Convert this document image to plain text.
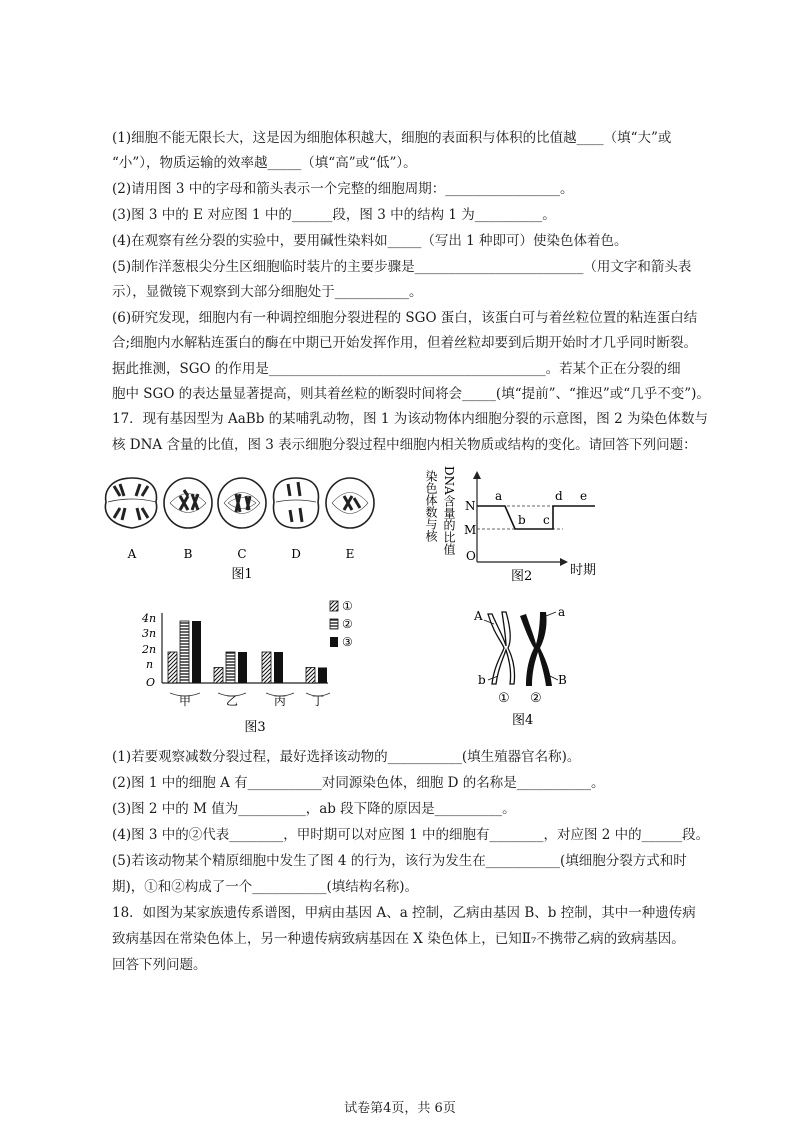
(1)细胞不能无限长大，这是因为细胞体积越大，细胞的表面积与体积的比值越____（填“大”或
“小”），物质运输的效率越_____（填“高”或“低”）。
(2)请用图 3 中的字母和箭头表示一个完整的细胞周期：_________________。
(3)图 3 中的 E 对应图 1 中的______段，图 3 中的结构 1 为__________。
(4)在观察有丝分裂的实验中，要用碱性染料如_____（写出 1 种即可）使染色体着色。
(5)制作洋葱根尖分生区细胞临时装片的主要步骤是_________________________（用文字和箭头表
示），显微镜下观察到大部分细胞处于___________。
(6)研究发现，细胞内有一种调控细胞分裂进程的 SGO 蛋白，该蛋白可与着丝粒位置的粘连蛋白结
合;细胞内水解粘连蛋白的酶在中期已开始发挥作用，但着丝粒却要到后期开始时才几乎同时断裂。
据此推测，SGO 的作用是_________________________________________。若某个正在分裂的细
胞中 SGO 的表达量显著提高，则其着丝粒的断裂时间将会_____(填“提前”、“推迟”或“几乎不变”)。
17．现有基因型为 AaBb 的某哺乳动物，图 1 为该动物体内细胞分裂的示意图，图 2 为染色体数与
核 DNA 含量的比值，图 3 表示细胞分裂过程中细胞内相关物质或结构的变化。请回答下列问题：
A	B	C	D	E
图1
染色体数与核 DNA含量的比值 N
M
O
a
b c
d e
时期
图2
4n
3n
2n
n
O
甲	乙	丙 丁
①
②
③
图3
A	a
b	B
① ②
图4
(1)若要观察减数分裂过程，最好选择该动物的___________(填生殖器官名称)。
(2)图 1 中的细胞 A 有___________对同源染色体，细胞 D 的名称是___________。
(3)图 2 中的 M 值为__________，ab 段下降的原因是__________。
(4)图 3 中的②代表________，甲时期可以对应图 1 中的细胞有________，对应图 2 中的______段。
(5)若该动物某个精原细胞中发生了图 4 的行为，该行为发生在___________(填细胞分裂方式和时
期)，①和②构成了一个___________(填结构名称)。
18．如图为某家族遗传系谱图，甲病由基因 A、a 控制，乙病由基因 B、b 控制，其中一种遗传病
致病基因在常染色体上，另一种遗传病致病基因在 X 染色体上，已知Ⅱ₇不携带乙病的致病基因。
回答下列问题。
试卷第4页，共 6页
